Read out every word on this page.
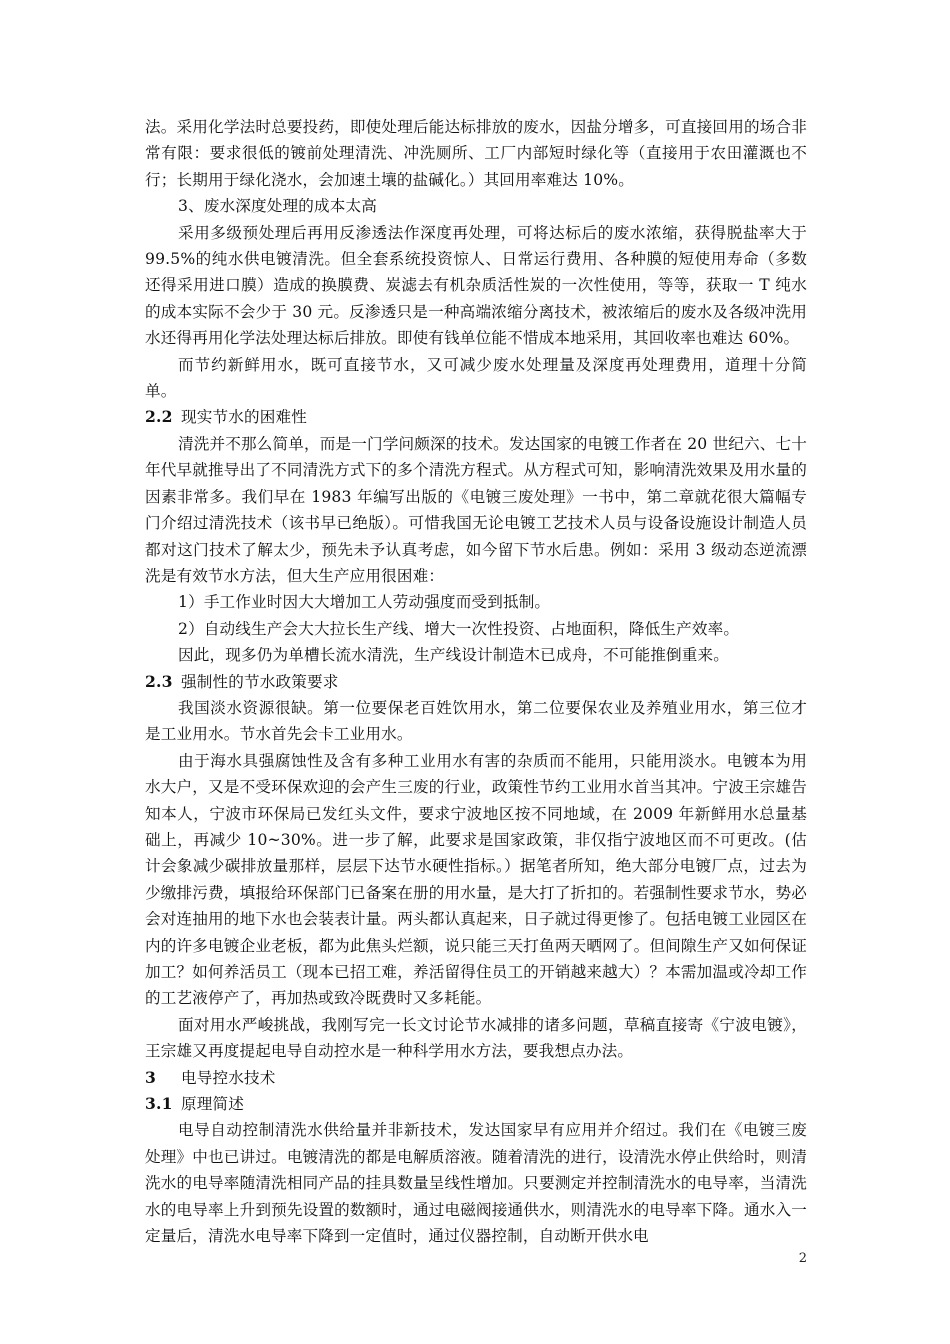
法。采用化学法时总要投药，即使处理后能达标排放的废水，因盐分增多，可直接回用的场合非常有限：要求很低的镀前处理清洗、冲洗厕所、工厂内部短时绿化等（直接用于农田灌溉也不行；长期用于绿化浇水，会加速土壤的盐碱化。）其回用率难达 10%。

3、废水深度处理的成本太高

采用多级预处理后再用反渗透法作深度再处理，可将达标后的废水浓缩，获得脱盐率大于 99.5%的纯水供电镀清洗。但全套系统投资惊人、日常运行费用、各种膜的短使用寿命（多数还得采用进口膜）造成的换膜费、炭滤去有机杂质活性炭的一次性使用，等等，获取一 T 纯水的成本实际不会少于 30 元。反渗透只是一种高端浓缩分离技术，被浓缩后的废水及各级冲洗用水还得再用化学法处理达标后排放。即使有钱单位能不惜成本地采用，其回收率也难达 60%。

而节约新鲜用水，既可直接节水，又可减少废水处理量及深度再处理费用，道理十分简单。

2.2 现实节水的困难性

清洗并不那么简单，而是一门学问颇深的技术。发达国家的电镀工作者在 20 世纪六、七十年代早就推导出了不同清洗方式下的多个清洗方程式。从方程式可知，影响清洗效果及用水量的因素非常多。我们早在 1983 年编写出版的《电镀三废处理》一书中，第二章就花很大篇幅专门介绍过清洗技术（该书早已绝版）。可惜我国无论电镀工艺技术人员与设备设施设计制造人员都对这门技术了解太少，预先未予认真考虑，如今留下节水后患。例如：采用 3 级动态逆流漂洗是有效节水方法，但大生产应用很困难：

1）手工作业时因大大增加工人劳动强度而受到抵制。

2）自动线生产会大大拉长生产线、增大一次性投资、占地面积，降低生产效率。

因此，现多仍为单槽长流水清洗，生产线设计制造木已成舟，不可能推倒重来。

2.3 强制性的节水政策要求

我国淡水资源很缺。第一位要保老百姓饮用水，第二位要保农业及养殖业用水，第三位才是工业用水。节水首先会卡工业用水。

由于海水具强腐蚀性及含有多种工业用水有害的杂质而不能用，只能用淡水。电镀本为用水大户，又是不受环保欢迎的会产生三废的行业，政策性节约工业用水首当其冲。宁波王宗雄告知本人，宁波市环保局已发红头文件，要求宁波地区按不同地域，在 2009 年新鲜用水总量基础上，再减少 10~30%。进一步了解，此要求是国家政策，非仅指宁波地区而不可更改。(估计会象减少碳排放量那样，层层下达节水硬性指标。）据笔者所知，绝大部分电镀厂点，过去为少缴排污费，填报给环保部门已备案在册的用水量，是大打了折扣的。若强制性要求节水，势必会对连抽用的地下水也会装表计量。两头都认真起来，日子就过得更惨了。包括电镀工业园区在内的许多电镀企业老板，都为此焦头烂额，说只能三天打鱼两天晒网了。但间隙生产又如何保证加工？如何养活员工（现本已招工难，养活留得住员工的开销越来越大）？本需加温或冷却工作的工艺液停产了，再加热或致冷既费时又多耗能。

面对用水严峻挑战，我刚写完一长文讨论节水减排的诸多问题，草稿直接寄《宁波电镀》，王宗雄又再度提起电导自动控水是一种科学用水方法，要我想点办法。

3 电导控水技术

3.1 原理简述

电导自动控制清洗水供给量并非新技术，发达国家早有应用并介绍过。我们在《电镀三废处理》中也已讲过。电镀清洗的都是电解质溶液。随着清洗的进行，设清洗水停止供给时，则清洗水的电导率随清洗相同产品的挂具数量呈线性增加。只要测定并控制清洗水的电导率，当清洗水的电导率上升到预先设置的数额时，通过电磁阀接通供水，则清洗水的电导率下降。通水入一定量后，清洗水电导率下降到一定值时，通过仪器控制，自动断开供水电

2
